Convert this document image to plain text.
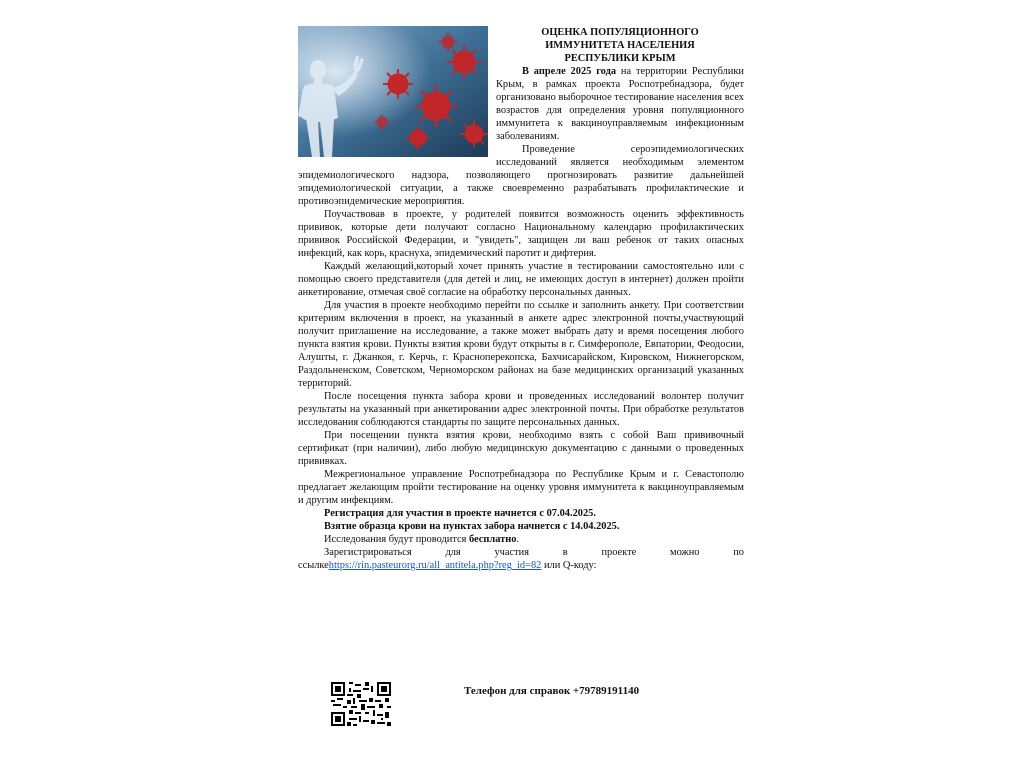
ОЦЕНКА ПОПУЛЯЦИОННОГО
ИММУНИТЕТА НАСЕЛЕНИЯ
РЕСПУБЛИКИ КРЫМ

В апреле 2025 года на территории Республики Крым, в рамках проекта Роспотребнадзора, будет организовано выборочное тестирование населения всех возрастов для определения уровня популяционного иммунитета к вакциноуправляемым инфекционным заболеваниям.

Проведение сероэпидемиологических исследований является необходимым элементом эпидемиологического надзора, позволяющего прогнозировать развитие дальнейшей эпидемиологической ситуации, а также своевременно разрабатывать профилактические и противоэпидемические мероприятия.

Поучаствовав в проекте, у родителей появится возможность оценить эффективность прививок, которые дети получают согласно Национальному календарю профилактических прививок Российской Федерации, и "увидеть", защищен ли ваш ребенок от таких опасных инфекций, как корь, краснуха, эпидемический паротит и дифтерия.

Каждый желающий,который хочет принять участие в тестировании самостоятельно или с помощью своего представителя (для детей и лиц, не имеющих доступ в интернет) должен пройти анкетирование, отмечая своё согласие на обработку персональных данных.

Для участия в проекте необходимо перейти по ссылке и заполнить анкету. При соответствии критериям включения в проект, на указанный в анкете адрес электронной почты,участвующий получит приглашение на исследование, а также может выбрать дату и время посещения любого пункта взятия крови. Пункты взятия крови будут открыты в г. Симферополе, Евпатории, Феодосии, Алушты, г. Джанкоя, г. Керчь, г. Красноперекопска, Бахчисарайском, Кировском, Нижнегорском, Раздольненском, Советском, Черноморском районах на базе медицинских организаций указанных территорий.

После посещения пункта забора крови и проведенных исследований волонтер получит результаты на указанный при анкетировании адрес электронной почты. При обработке результатов исследования соблюдаются стандарты по защите персональных данных.

При посещении пункта взятия крови, необходимо взять с собой Ваш прививочный сертификат (при наличии), либо любую медицинскую документацию с данными о проведенных прививках.

Межрегиональное управление Роспотребнадзора по Республике Крым и г. Севастополю предлагает желающим пройти тестирование на оценку уровня иммунитета к вакциноуправляемым и другим инфекциям.

Регистрация для участия в проекте начнется с 07.04.2025.

Взятие образца крови на пунктах забора начнется с 14.04.2025.

Исследования будут проводится бесплатно.

Зарегистрироваться для участия в проекте можно по ссылкеhttps://rin.pasteurorg.ru/all_antitela.php?reg_id=82 или Q-коду:

Телефон для справок +79789191140
